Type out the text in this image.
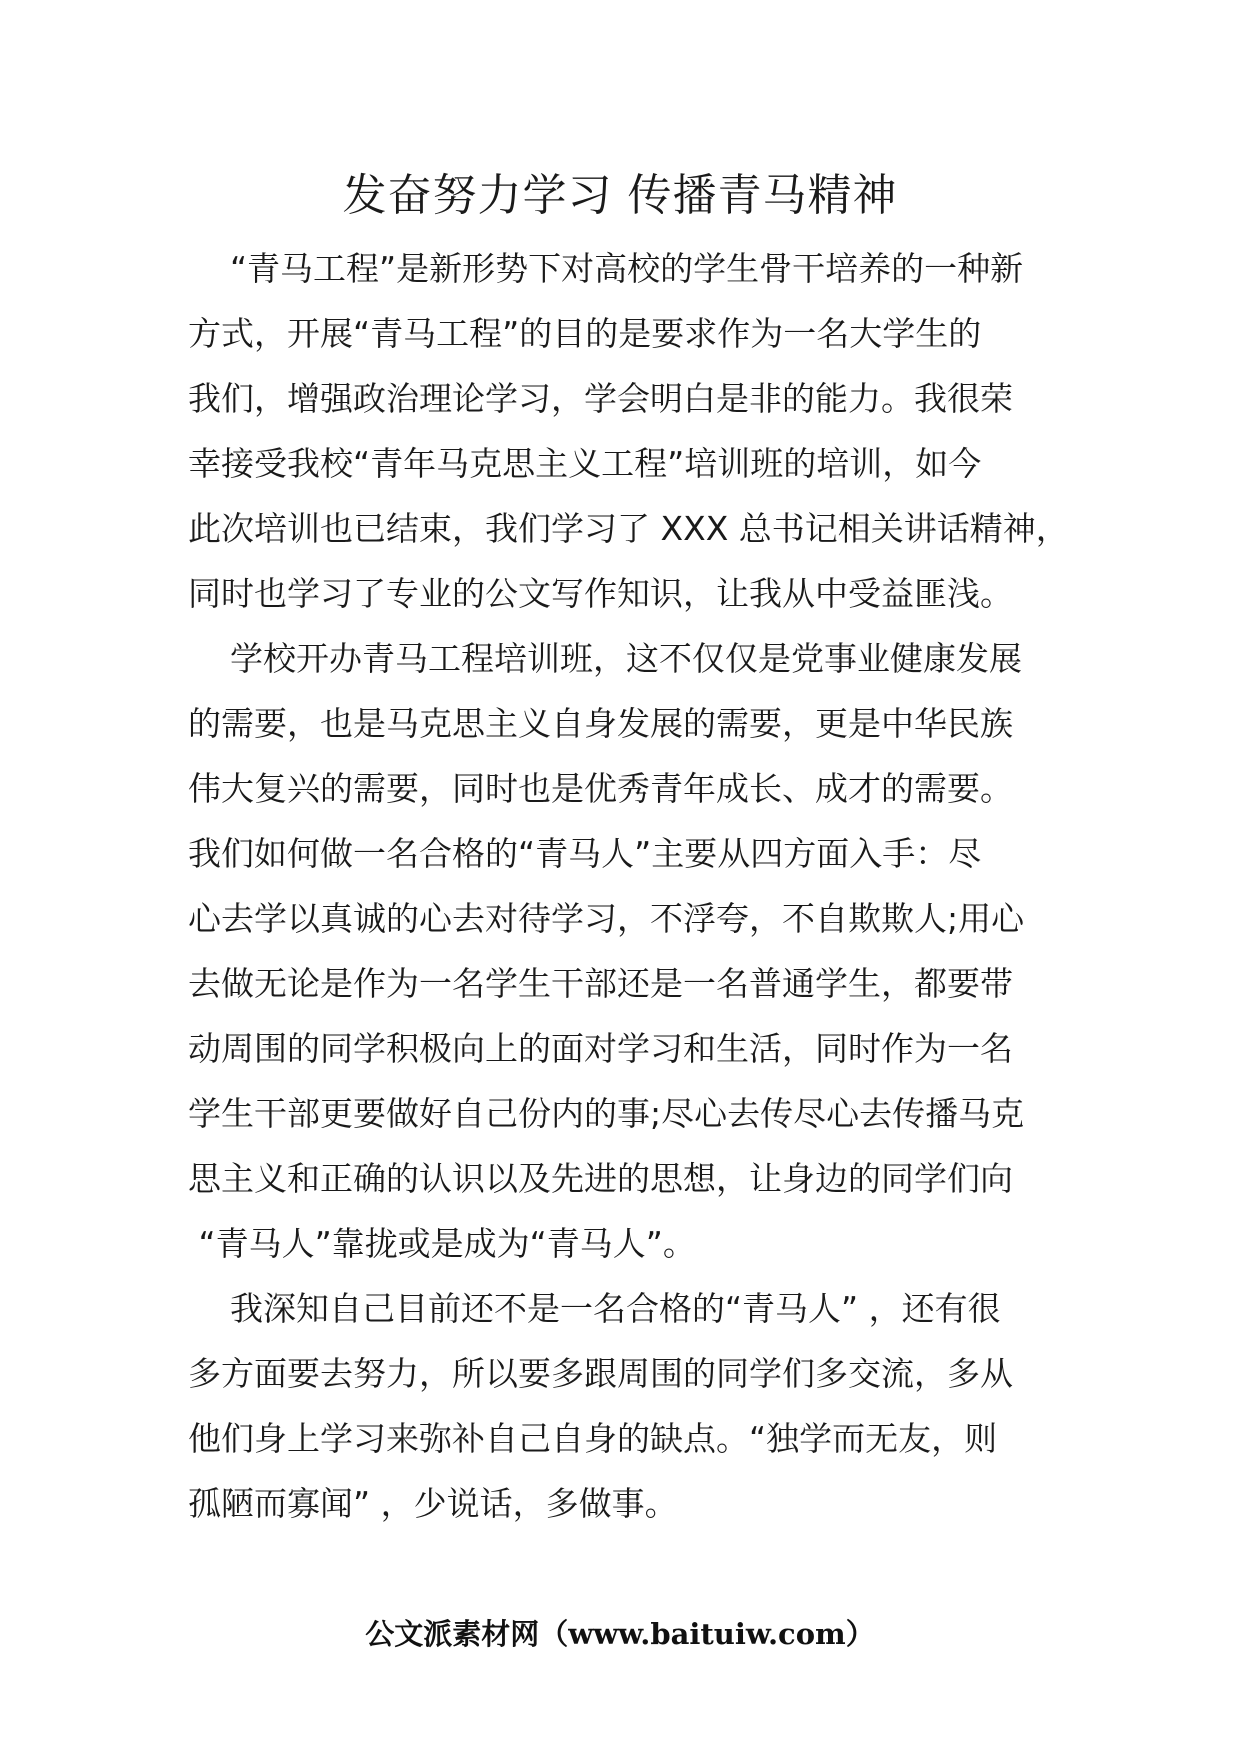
发奋努力学习 传播青马精神
“青马工程”是新形势下对高校的学生骨干培养的一种新
方式，开展“青马工程”的目的是要求作为一名大学生的
我们，增强政治理论学习，学会明白是非的能力。我很荣
幸接受我校“青年马克思主义工程”培训班的培训，如今
此次培训也已结束，我们学习了 XXX 总书记相关讲话精神，
同时也学习了专业的公文写作知识，让我从中受益匪浅。
学校开办青马工程培训班，这不仅仅是党事业健康发展
的需要，也是马克思主义自身发展的需要，更是中华民族
伟大复兴的需要，同时也是优秀青年成长、成才的需要。
我们如何做一名合格的“青马人”主要从四方面入手：尽
心去学以真诚的心去对待学习，不浮夸，不自欺欺人;用心
去做无论是作为一名学生干部还是一名普通学生，都要带
动周围的同学积极向上的面对学习和生活，同时作为一名
学生干部更要做好自己份内的事;尽心去传尽心去传播马克
思主义和正确的认识以及先进的思想，让身边的同学们向
“青马人”靠拢或是成为“青马人”。
我深知自己目前还不是一名合格的“青马人” ，还有很
多方面要去努力，所以要多跟周围的同学们多交流，多从
他们身上学习来弥补自己自身的缺点。“独学而无友，则
孤陋而寡闻” ，少说话，多做事。
公文派素材网（www.baituiw.com）
